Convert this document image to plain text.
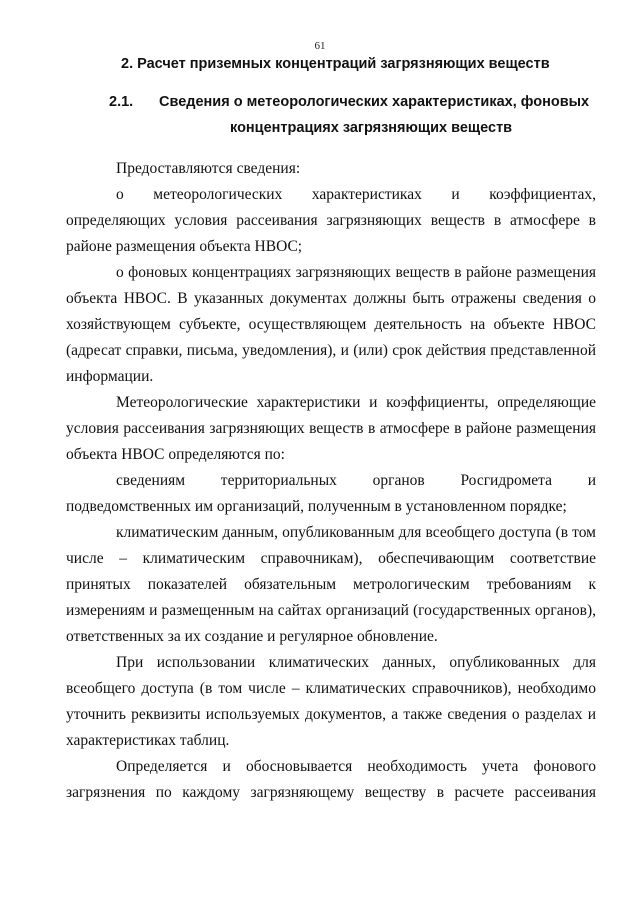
61
2. Расчет приземных концентраций загрязняющих веществ
2.1. Сведения о метеорологических характеристиках, фоновых
концентрациях загрязняющих веществ

Предоставляются сведения:

о метеорологических характеристиках и коэффициентах, определяющих условия рассеивания загрязняющих веществ в атмосфере в районе размещения объекта НВОС;

о фоновых концентрациях загрязняющих веществ в районе размещения объекта НВОС. В указанных документах должны быть отражены сведения о хозяйствующем субъекте, осуществляющем деятельность на объекте НВОС (адресат справки, письма, уведомления), и (или) срок действия представленной информации.

Метеорологические характеристики и коэффициенты, определяющие условия рассеивания загрязняющих веществ в атмосфере в районе размещения объекта НВОС определяются по:

сведениям территориальных органов Росгидромета и подведомственных им организаций, полученным в установленном порядке;

климатическим данным, опубликованным для всеобщего доступа (в том числе – климатическим справочникам), обеспечивающим соответствие принятых показателей обязательным метрологическим требованиям к измерениям и размещенным на сайтах организаций (государственных органов), ответственных за их создание и регулярное обновление.

При использовании климатических данных, опубликованных для всеобщего доступа (в том числе – климатических справочников), необходимо уточнить реквизиты используемых документов, а также сведения о разделах и характеристиках таблиц.

Определяется и обосновывается необходимость учета фонового загрязнения по каждому загрязняющему веществу в расчете рассеивания
